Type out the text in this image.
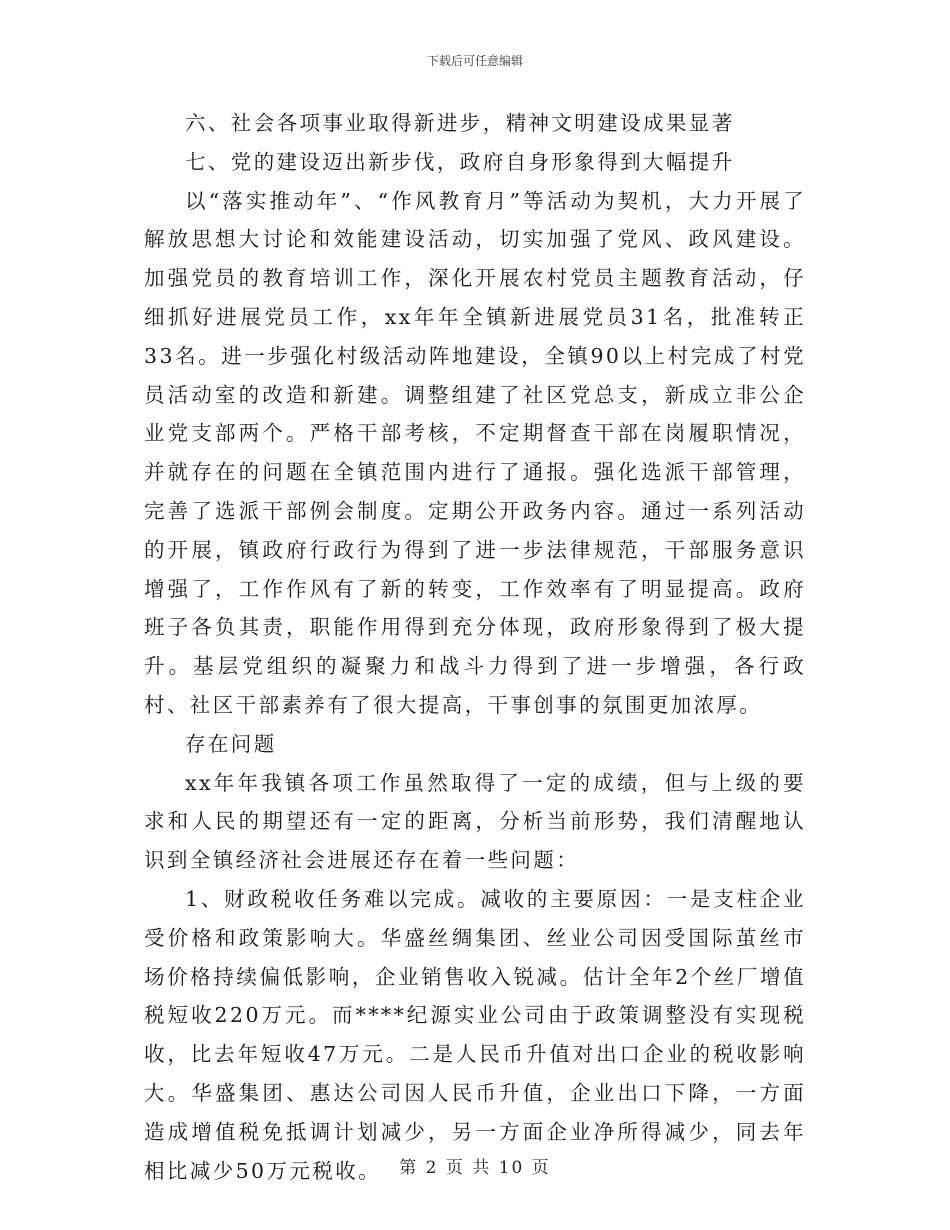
下载后可任意编辑

六、社会各项事业取得新进步，精神文明建设成果显著

七、党的建设迈出新步伐，政府自身形象得到大幅提升

以“落实推动年”、“作风教育月”等活动为契机，大力开展了解放思想大讨论和效能建设活动，切实加强了党风、政风建设。加强党员的教育培训工作，深化开展农村党员主题教育活动，仔细抓好进展党员工作，xx年年全镇新进展党员31名，批准转正33名。进一步强化村级活动阵地建设，全镇90以上村完成了村党员活动室的改造和新建。调整组建了社区党总支，新成立非公企业党支部两个。严格干部考核，不定期督查干部在岗履职情况，并就存在的问题在全镇范围内进行了通报。强化选派干部管理，完善了选派干部例会制度。定期公开政务内容。通过一系列活动的开展，镇政府行政行为得到了进一步法律规范，干部服务意识增强了，工作作风有了新的转变，工作效率有了明显提高。政府班子各负其责，职能作用得到充分体现，政府形象得到了极大提升。基层党组织的凝聚力和战斗力得到了进一步增强，各行政村、社区干部素养有了很大提高，干事创事的氛围更加浓厚。

存在问题

xx年年我镇各项工作虽然取得了一定的成绩，但与上级的要求和人民的期望还有一定的距离，分析当前形势，我们清醒地认识到全镇经济社会进展还存在着一些问题：

1、财政税收任务难以完成。减收的主要原因：一是支柱企业受价格和政策影响大。华盛丝绸集团、丝业公司因受国际茧丝市场价格持续偏低影响，企业销售收入锐减。估计全年2个丝厂增值税短收220万元。而****纪源实业公司由于政策调整没有实现税收，比去年短收47万元。二是人民币升值对出口企业的税收影响大。华盛集团、惠达公司因人民币升值，企业出口下降，一方面造成增值税免抵调计划减少，另一方面企业净所得减少，同去年相比减少50万元税收。	第 2 页 共 10 页
